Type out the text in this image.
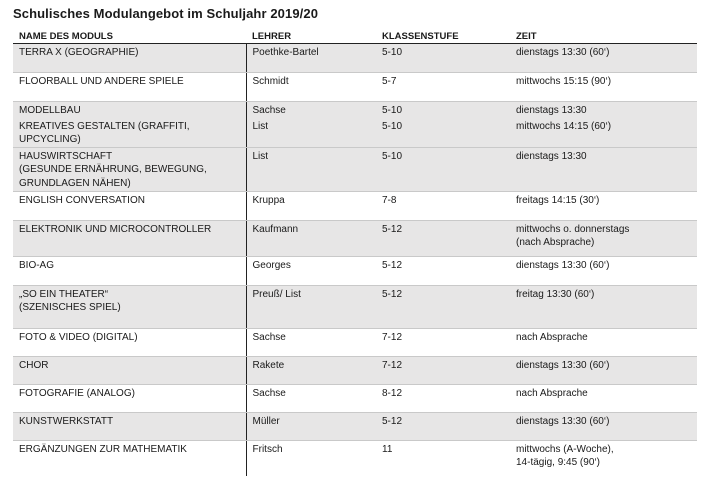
Schulisches Modulangebot im Schuljahr 2019/20
NAME DES MODULS	LEHRER	KLASSENSTUFE	ZEIT
TERRA X (GEOGRAPHIE)	Poethke-Bartel	5-10	dienstags 13:30 (60‘)
FLOORBALL UND ANDERE SPIELE	Schmidt	5-7	mittwochs 15:15 (90‘)
MODELLBAU	Sachse	5-10	dienstags 13:30
KREATIVES GESTALTEN (GRAFFITI, UPCYCLING)	List	5-10	mittwochs 14:15 (60‘)
HAUSWIRTSCHAFT
(GESUNDE ERNÄHRUNG, BEWEGUNG,
GRUNDLAGEN NÄHEN)	List	5-10	dienstags 13:30
ENGLISH CONVERSATION	Kruppa	7-8	freitags 14:15 (30‘)
ELEKTRONIK UND MICROCONTROLLER	Kaufmann	5-12	mittwochs o. donnerstags
(nach Absprache)
BIO-AG	Georges	5-12	dienstags 13:30 (60‘)
„SO EIN THEATER“
(SZENISCHES SPIEL)	Preuß/ List	5-12	freitag 13:30 (60‘)
FOTO & VIDEO (DIGITAL)	Sachse	7-12	nach Absprache
CHOR	Rakete	7-12	dienstags 13:30 (60‘)
FOTOGRAFIE (ANALOG)	Sachse	8-12	nach Absprache
KUNSTWERKSTATT	Müller	5-12	dienstags 13:30 (60‘)
ERGÄNZUNGEN ZUR MATHEMATIK	Fritsch	11	mittwochs (A-Woche),
14-tägig, 9:45 (90‘)
